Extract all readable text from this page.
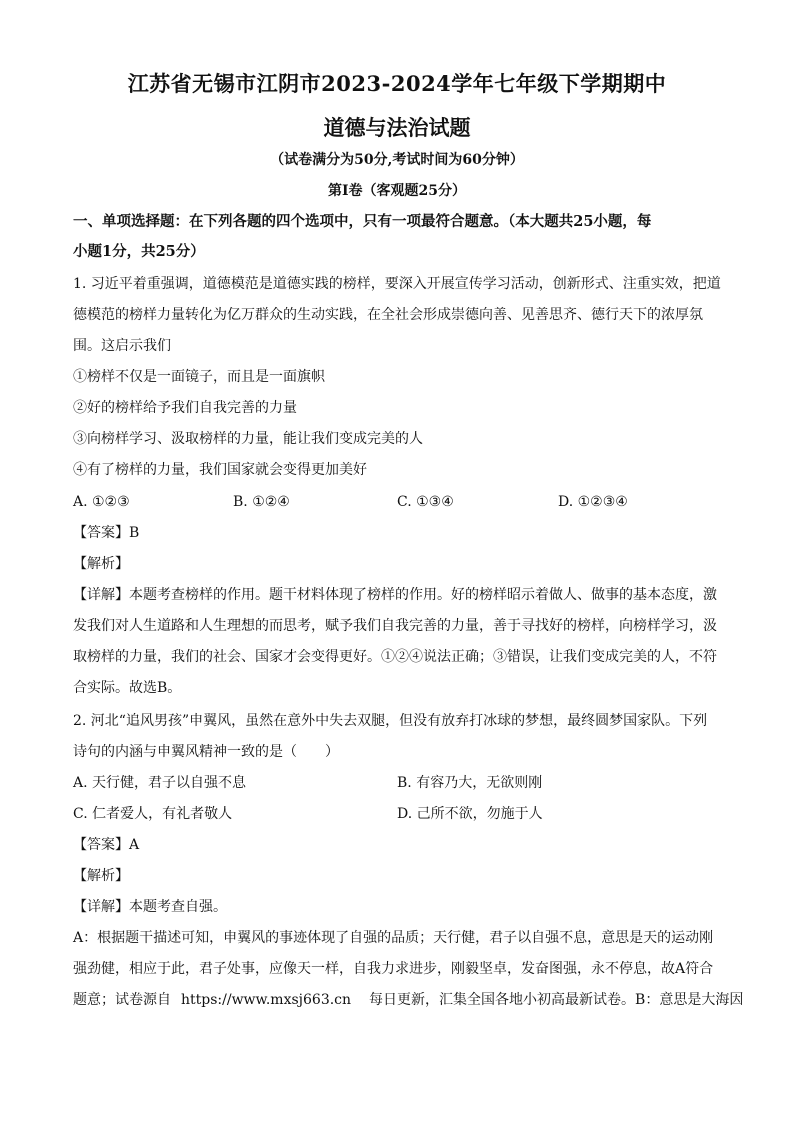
江苏省无锡市江阴市2023-2024学年七年级下学期期中
道德与法治试题
（试卷满分为50分,考试时间为60分钟）
第Ⅰ卷（客观题25分）
一、单项选择题：在下列各题的四个选项中，只有一项最符合题意。（本大题共25小题，每
小题1分，共25分）
1. 习近平着重强调，道德模范是道德实践的榜样，要深入开展宣传学习活动，创新形式、注重实效，把道
德模范的榜样力量转化为亿万群众的生动实践，在全社会形成崇德向善、见善思齐、德行天下的浓厚氛
围。这启示我们
①榜样不仅是一面镜子，而且是一面旗帜
②好的榜样给予我们自我完善的力量
③向榜样学习、汲取榜样的力量，能让我们变成完美的人
④有了榜样的力量，我们国家就会变得更加美好
A. ①②③	B. ①②④	C. ①③④	D. ①②③④
【答案】B
【解析】
【详解】本题考查榜样的作用。题干材料体现了榜样的作用。好的榜样昭示着做人、做事的基本态度，激
发我们对人生道路和人生理想的而思考，赋予我们自我完善的力量，善于寻找好的榜样，向榜样学习，汲
取榜样的力量，我们的社会、国家才会变得更好。①②④说法正确；③错误，让我们变成完美的人，不符
合实际。故选B。
2. 河北“追风男孩”申翼风，虽然在意外中失去双腿，但没有放弃打冰球的梦想，最终圆梦国家队。下列
诗句的内涵与申翼风精神一致的是（　　）
A. 天行健，君子以自强不息	B. 有容乃大，无欲则刚
C. 仁者爱人，有礼者敬人	D. 己所不欲，勿施于人
【答案】A
【解析】
【详解】本题考查自强。
A：根据题干描述可知，申翼风的事迹体现了自强的品质；天行健，君子以自强不息，意思是天的运动刚
强劲健，相应于此，君子处事，应像天一样，自我力求进步，刚毅坚卓，发奋图强，永不停息，故A符合
题意；试卷源自 https://www.mxsj663.cn 每日更新，汇集全国各地小初高最新试卷。B：意思是大海因
